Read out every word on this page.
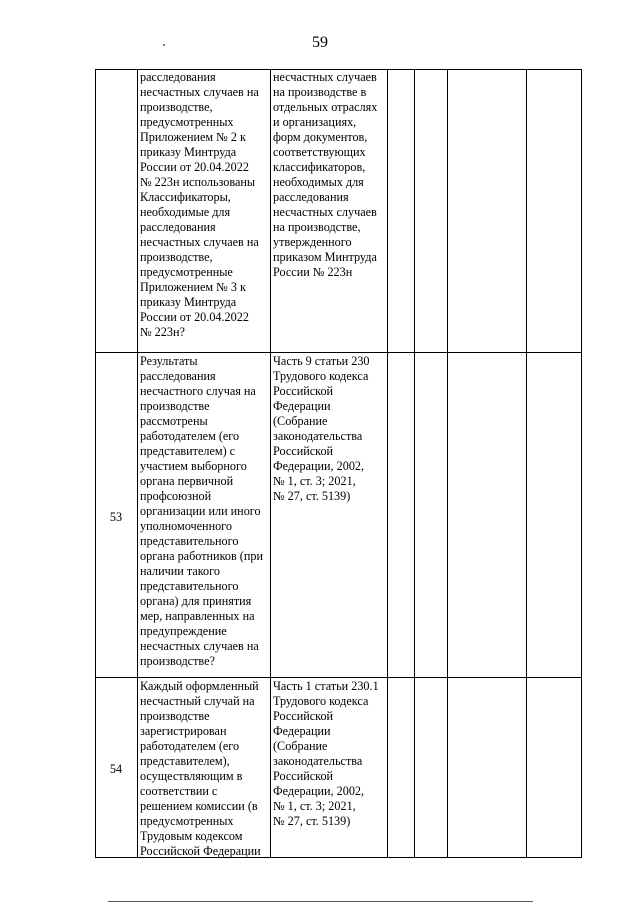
59
расследования
несчастных случаев на
производстве,
предусмотренных
Приложением № 2 к
приказу Минтруда
России от 20.04.2022
№ 223н использованы
Классификаторы,
необходимые для
расследования
несчастных случаев на
производстве,
предусмотренные
Приложением № 3 к
приказу Минтруда
России от 20.04.2022
№ 223н?
несчастных случаев
на производстве в
отдельных отраслях
и организациях,
форм документов,
соответствующих
классификаторов,
необходимых для
расследования
несчастных случаев
на производстве,
утвержденного
приказом Минтруда
России № 223н
53
Результаты
расследования
несчастного случая на
производстве
рассмотрены
работодателем (его
представителем) с
участием выборного
органа первичной
профсоюзной
организации или иного
уполномоченного
представительного
органа работников (при
наличии такого
представительного
органа) для принятия
мер, направленных на
предупреждение
несчастных случаев на
производстве?
Часть 9 статьи 230
Трудового кодекса
Российской
Федерации
(Собрание
законодательства
Российской
Федерации, 2002,
№ 1, ст. 3; 2021,
№ 27, ст. 5139)
54
Каждый оформленный
несчастный случай на
производстве
зарегистрирован
работодателем (его
представителем),
осуществляющим в
соответствии с
решением комиссии (в
предусмотренных
Трудовым кодексом
Российской Федерации
Часть 1 статьи 230.1
Трудового кодекса
Российской
Федерации
(Собрание
законодательства
Российской
Федерации, 2002,
№ 1, ст. 3; 2021,
№ 27, ст. 5139)
